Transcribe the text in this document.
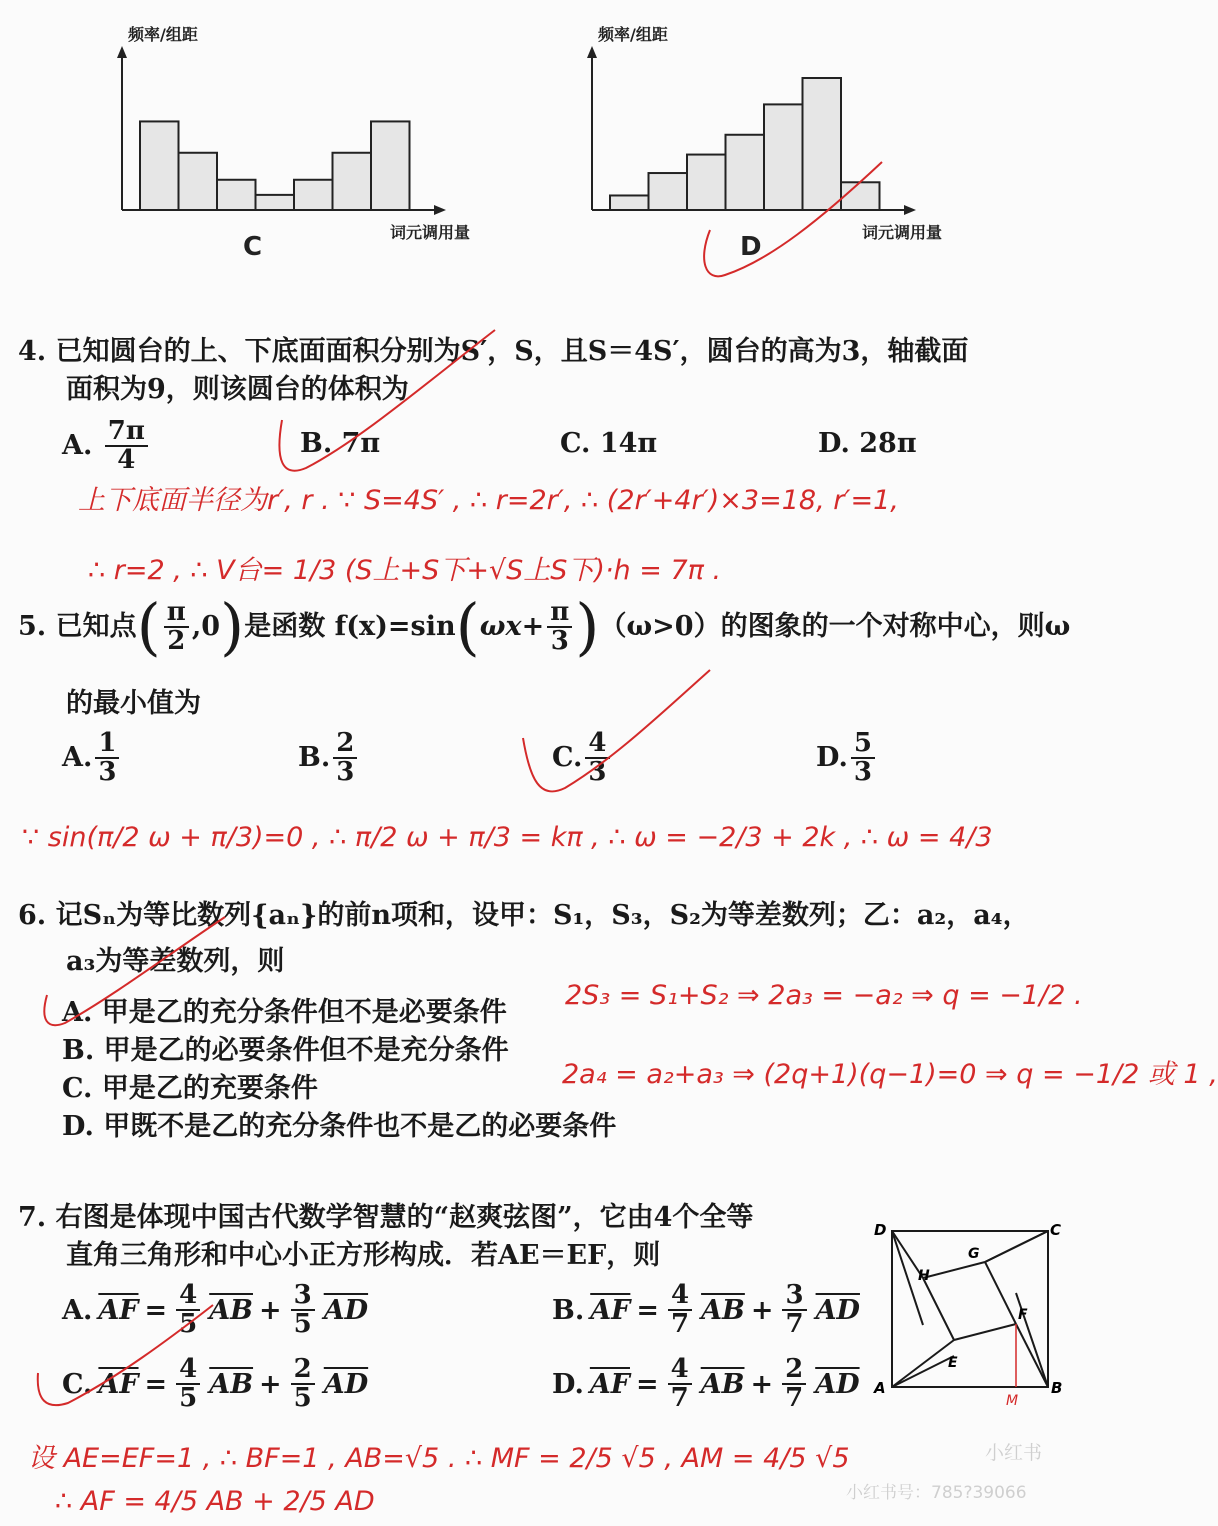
频率/组距
词元调用量
C
频率/组距
词元调用量
D
4. 已知圆台的上、下底面面积分别为S′，S，且S＝4S′，圆台的高为3，轴截面
面积为9，则该圆台的体积为
A. $\frac{7\pi}{4}$	B. 7π	C. 14π	D. 28π
上下底面半径为r′, r . ∵ S=4S′ , ∴ r=2r′, ∴ (2r′+4r′)×3=18, r′=1,
∴ r=2 , ∴ V台= 1/3 (S上+S下+√S上S下)·h = 7π .
5. 已知点 ( $\frac{\pi}{2} ,0$ ) 是函数 f(x)=sin ( $\omega x+ \frac{\pi}{3}$ ) （ω>0）的图象的一个对称中心，则ω
的最小值为
A. $\frac{1}{3}$	B. $\frac{2}{3}$	C. $\frac{4}{3}$	D. $\frac{5}{3}$
∵ sin(π/2 ω + π/3)=0 , ∴ π/2 ω + π/3 = kπ , ∴ ω = −2/3 + 2k , ∴ ω = 4/3
6. 记Sₙ为等比数列{aₙ}的前n项和，设甲：S₁，S₃，S₂为等差数列；乙：a₂，a₄，
a₃为等差数列，则
A. 甲是乙的充分条件但不是必要条件
B. 甲是乙的必要条件但不是充分条件
C. 甲是乙的充要条件
D. 甲既不是乙的充分条件也不是乙的必要条件
2S₃ = S₁+S₂ ⇒ 2a₃ = −a₂ ⇒ q = −1/2 .
2a₄ = a₂+a₃ ⇒ (2q+1)(q−1)=0 ⇒ q = −1/2 或 1 ,
7. 右图是体现中国古代数学智慧的“赵爽弦图”，它由4个全等
直角三角形和中心小正方形构成．若AE＝EF，则
A. $\overline{AF} = \frac{4}{5} \overline{AB} + \frac{3}{5} \overline{AD}$	B. $\overline{AF} = \frac{4}{7} \overline{AB} + \frac{3}{7} \overline{AD}$
C. $\overline{AF} = \frac{4}{5} \overline{AB} + \frac{2}{5} \overline{AD}$	D. $\overline{AF} = \frac{4}{7} \overline{AB} + \frac{2}{7} \overline{AD}$
D	C
A	B
H
G
F
E
M
设 AE=EF=1 , ∴ BF=1 , AB=√5 . ∴ MF = 2/5 √5 , AM = 4/5 √5
∴ AF = 4/5 AB + 2/5 AD
小红书
小红书号：785?39066
